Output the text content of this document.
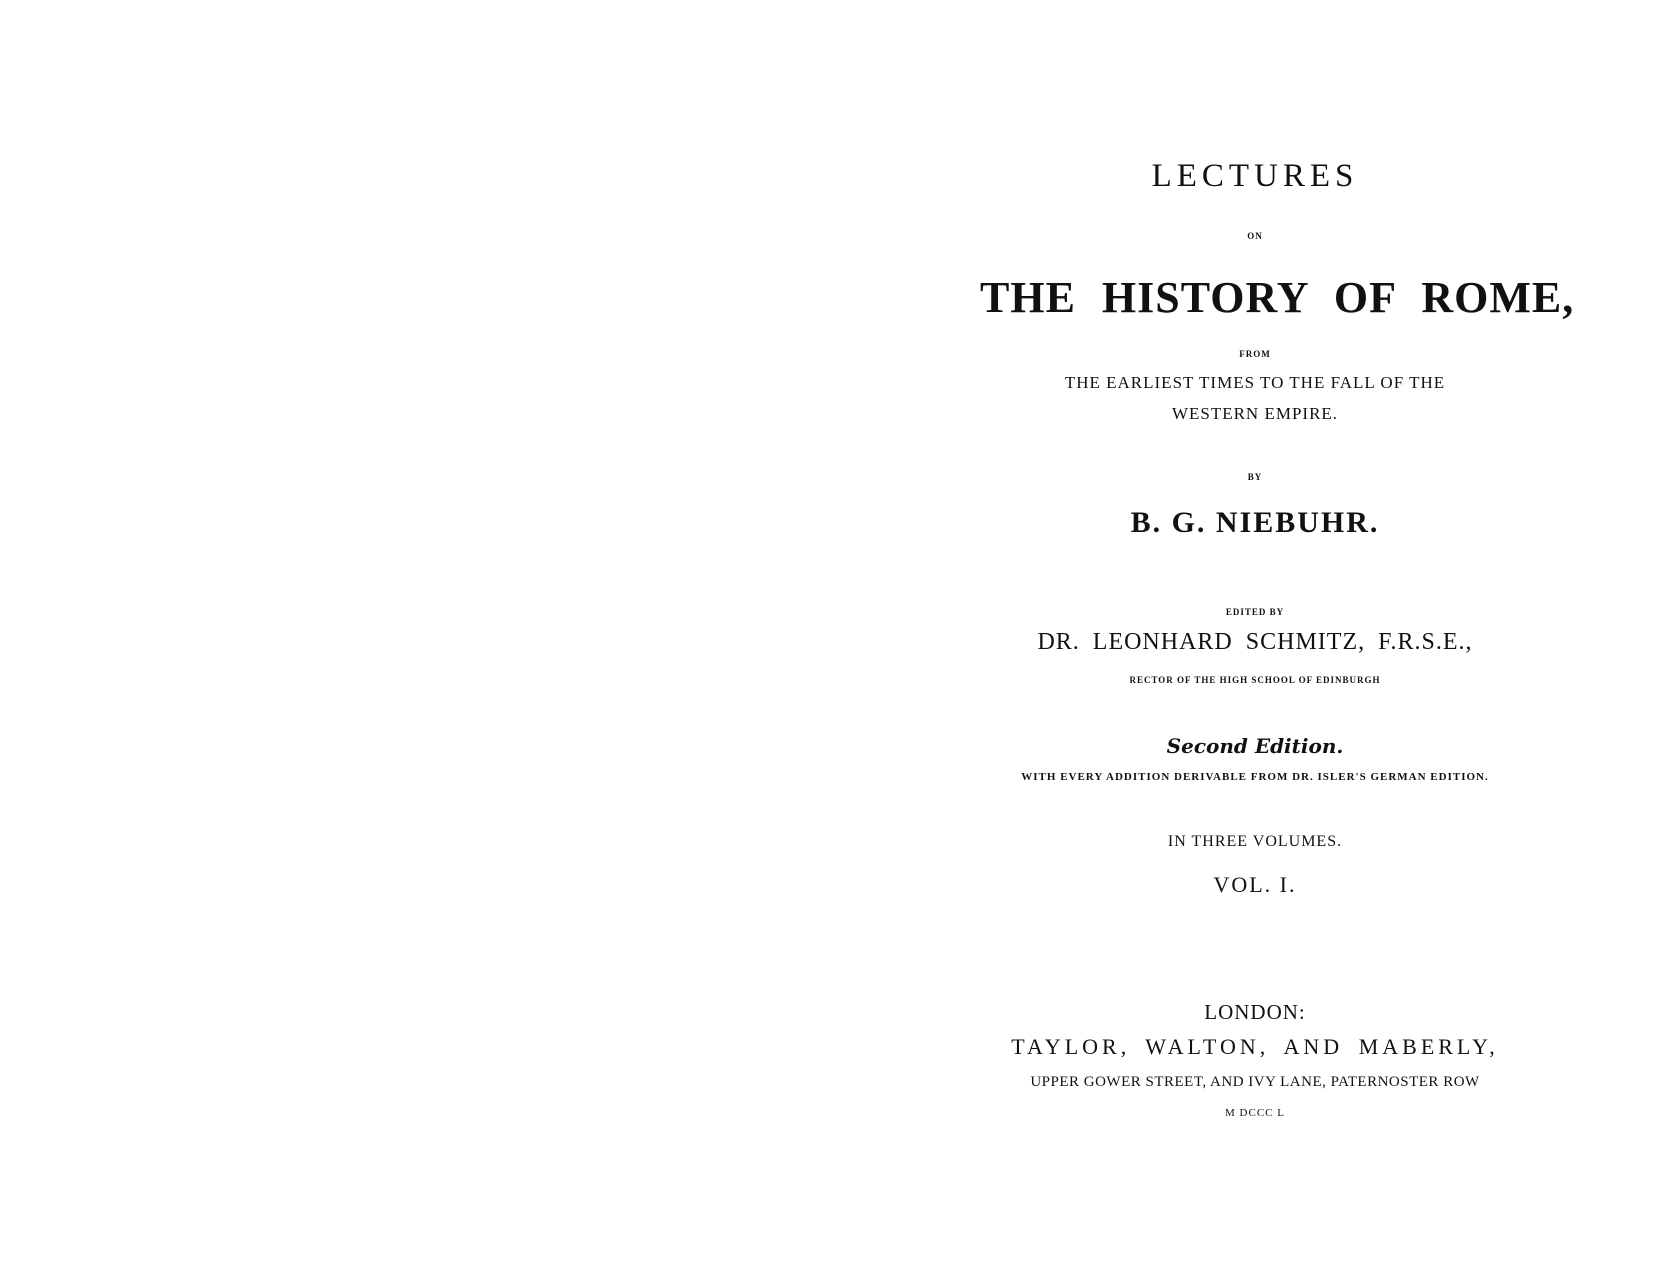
LECTURES
ON
THE HISTORY OF ROME,
FROM
THE EARLIEST TIMES TO THE FALL OF THE
WESTERN EMPIRE.
BY
B. G. NIEBUHR.
EDITED BY
DR. LEONHARD SCHMITZ, F.R.S.E.,
RECTOR OF THE HIGH SCHOOL OF EDINBURGH
Second Edition.
WITH EVERY ADDITION DERIVABLE FROM DR. ISLER'S GERMAN EDITION.
IN THREE VOLUMES.
VOL. I.
LONDON:
TAYLOR, WALTON, AND MABERLY,
UPPER GOWER STREET, AND IVY LANE, PATERNOSTER ROW
M DCCC L
